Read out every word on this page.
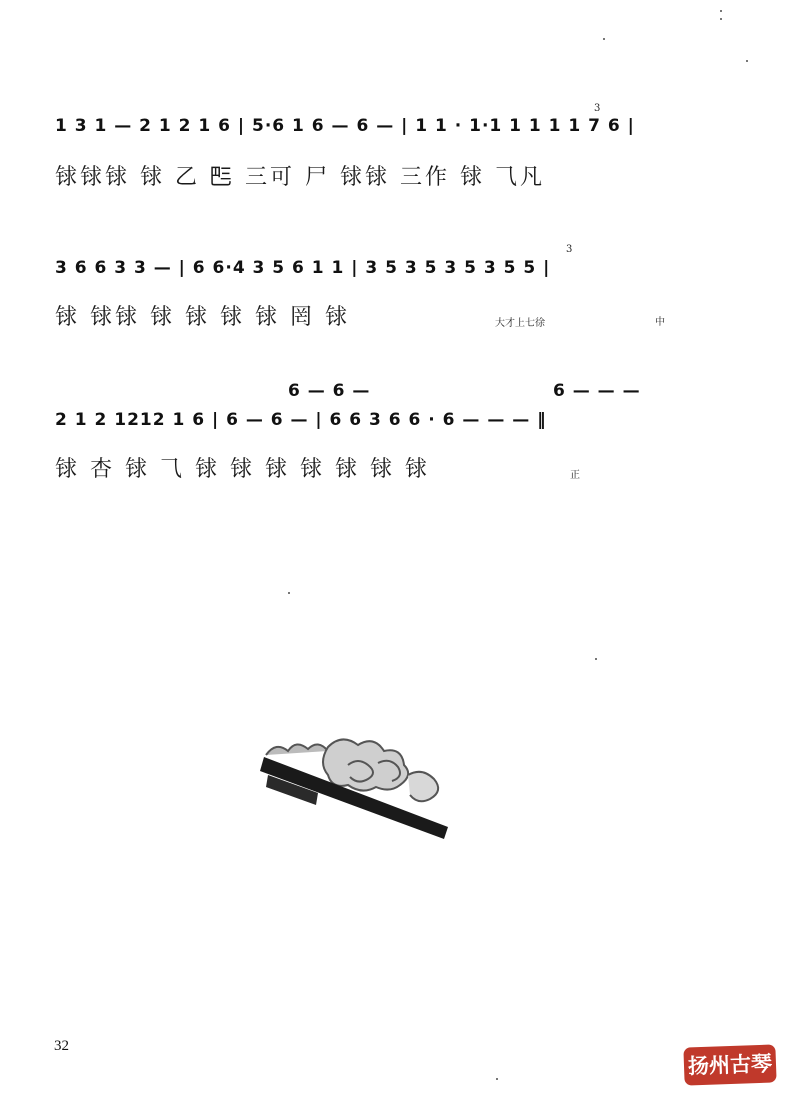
1 3 1 — 2 1 2 1 6 | 5·6 1 6 — 6 — | 1 1 · 1·1 1 1 1 1 7 6 |
3
𨱇𨱇𨱇 𨱇 乙 𠀧 三可 尸 𨱇𨱇 三作 𨱇 ⺄凡
3 6 6 3 3 — | 6 6·4 3 5 6 1 1 | 3 5 3 5 3 5 3 5 5 |
3
𨱇 𨱇𨱇 𨱇 𨱇 𨱇 𨱇 罔 𨱇	大才上七徐	中
6 — 6 —	6 — — —
2 1 2 1212 1 6 | 6 — 6 — | 6 6 3 6 6 · 6 — — — ‖
𨱇 杏 𨱇 ⺄ 𨱇 𨱇 𨱇 𨱇 𨱇 𨱇 𨱇	正
32
扬州古琴
